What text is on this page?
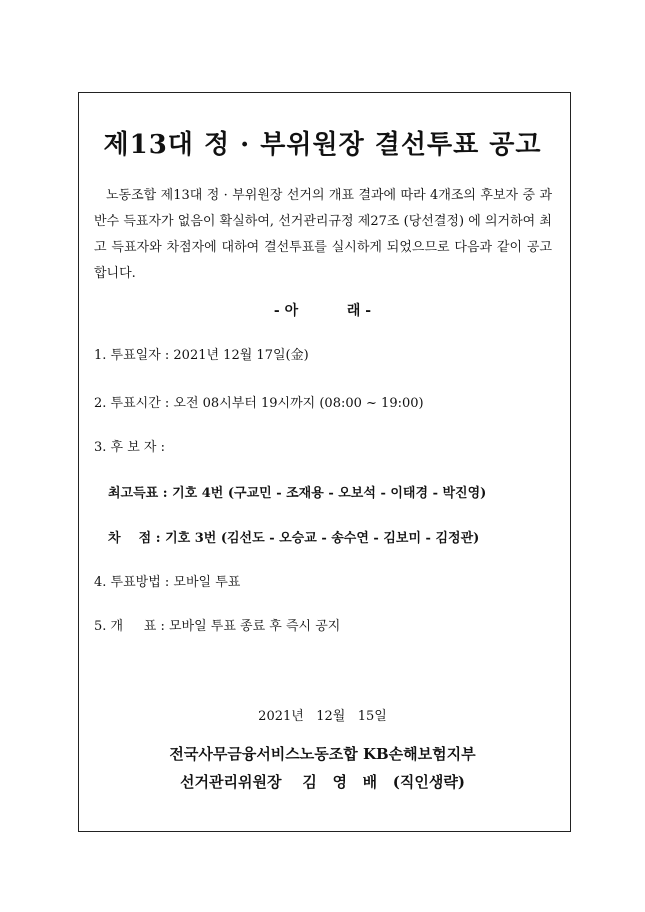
제13대 정 · 부위원장 결선투표 공고
노동조합 제13대 정 · 부위원장 선거의 개표 결과에 따라 4개조의 후보자 중 과반수 득표자가 없음이 확실하여, 선거관리규정 제27조 (당선결정) 에 의거하여 최고 득표자와 차점자에 대하여 결선투표를 실시하게 되었으므로 다음과 같이 공고합니다.
- 아          래 -
1. 투표일자 : 2021년 12월 17일(金)
2. 투표시간 : 오전 08시부터 19시까지 (08:00 ~ 19:00)
3. 후 보 자 :
최고득표 : 기호 4번 (구교민 - 조재용 - 오보석 - 이태경 - 박진영)
차    점 : 기호 3번 (김선도 - 오승교 - 송수연 - 김보미 - 김정관)
4. 투표방법 : 모바일 투표
5. 개     표 : 모바일 투표 종료 후 즉시 공지
2021년   12월   15일
전국사무금융서비스노동조합 KB손해보험지부
선거관리위원장    김   영   배   (직인생략)
